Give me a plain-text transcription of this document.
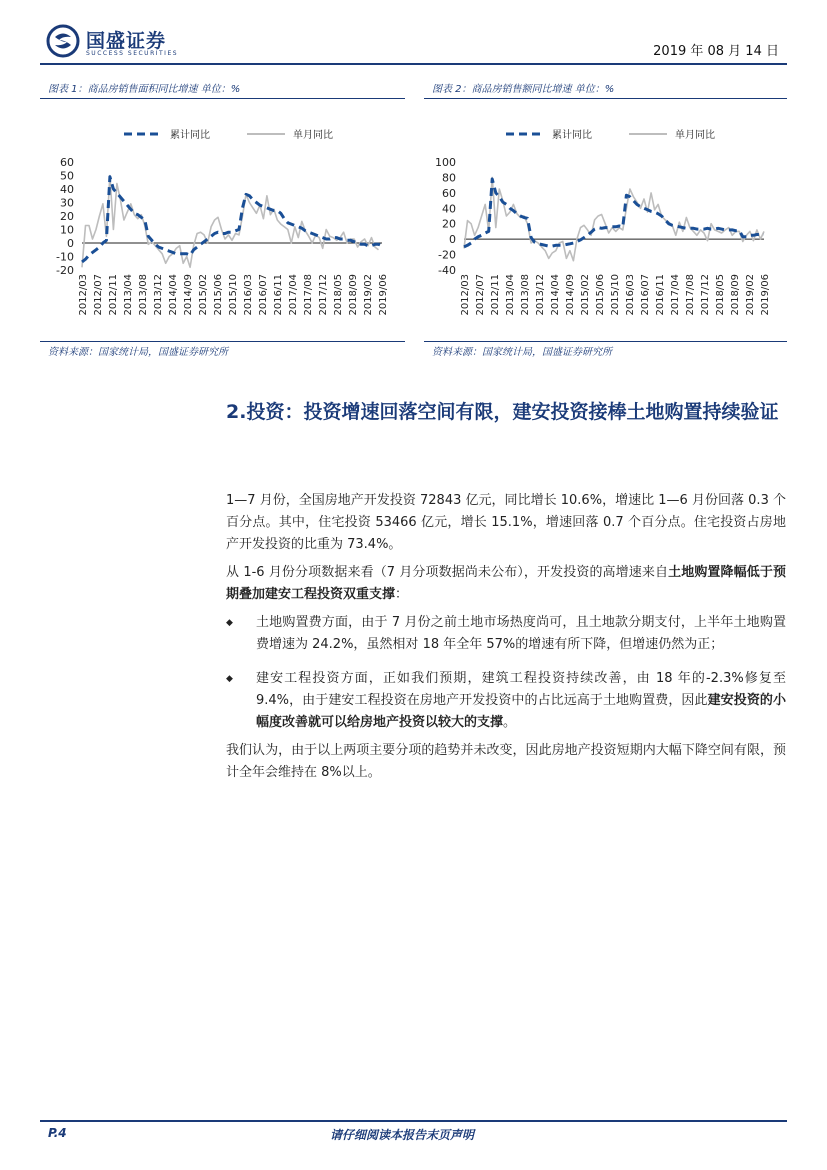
国盛证券
SUCCESS SECURITIES	2019 年 08 月 14 日
图表 1：商品房销售面积同比增速 单位：%	图表 2：商品房销售额同比增速 单位：%
累计同比	单月同比
-20
-10
0
10
20
30
40
50
60
2012/03 2012/07 2012/11 2013/04 2013/08 2013/12 2014/04 2014/09 2015/02 2015/06 2015/10 2016/03 2016/07 2016/11 2017/04 2017/08 2017/12 2018/05 2018/09 2019/02 2019/06
累计同比	单月同比
-40
-20
0
20
40
60
80
100
2012/03 2012/07 2012/11 2013/04 2013/08 2013/12 2014/04 2014/09 2015/02 2015/06 2015/10 2016/03 2016/07 2016/11 2017/04 2017/08 2017/12 2018/05 2018/09 2019/02 2019/06
资料来源：国家统计局，国盛证券研究所	资料来源：国家统计局，国盛证券研究所
2.投资：投资增速回落空间有限，建安投资接棒土地购置持续验证
1—7 月份，全国房地产开发投资 72843 亿元，同比增长 10.6%，增速比 1—6 月份回落 0.3 个百分点。其中，住宅投资 53466 亿元，增长 15.1%，增速回落 0.7 个百分点。住宅投资占房地产开发投资的比重为 73.4%。
从 1-6 月份分项数据来看（7 月分项数据尚未公布），开发投资的高增速来自土地购置降幅低于预期叠加建安工程投资双重支撑：
◆ 土地购置费方面，由于 7 月份之前土地市场热度尚可，且土地款分期支付，上半年土地购置费增速为 24.2%，虽然相对 18 年全年 57%的增速有所下降，但增速仍然为正；
◆ 建安工程投资方面，正如我们预期，建筑工程投资持续改善，由 18 年的-2.3%修复至 9.4%，由于建安工程投资在房地产开发投资中的占比远高于土地购置费，因此建安投资的小幅度改善就可以给房地产投资以较大的支撑。
我们认为，由于以上两项主要分项的趋势并未改变，因此房地产投资短期内大幅下降空间有限，预计全年会维持在 8%以上。
P.4	请仔细阅读本报告末页声明
